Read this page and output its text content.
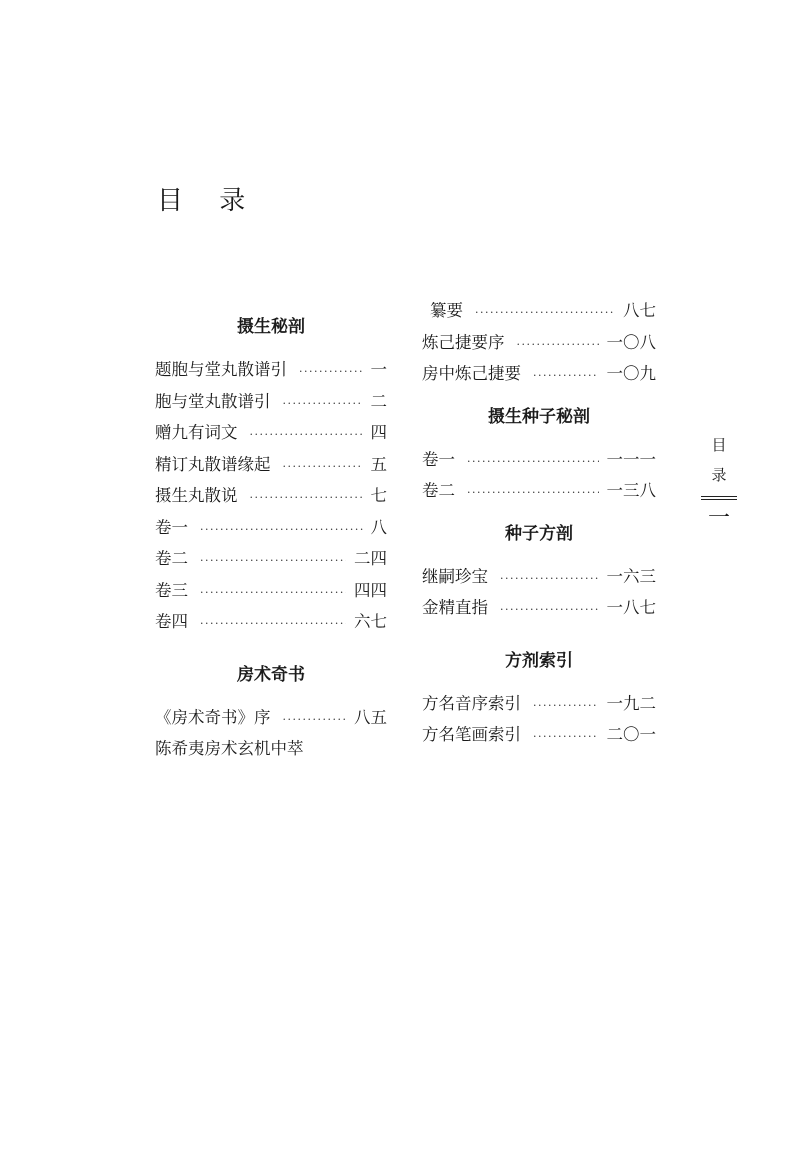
目 录
摄生秘剖
题胞与堂丸散谱引 ·····	一
胞与堂丸散谱引 ·····	二
赠九有词文 ·····	四
精订丸散谱缘起 ·····	五
摄生丸散说 ·····	七
卷一 ·····	八
卷二 ·····	二四
卷三 ·····	四四
卷四 ·····	六七
房术奇书
《房术奇书》序 ·····	八五
陈希夷房术玄机中萃
纂要 ·····	八七
炼己捷要序 ·····	一〇八
房中炼己捷要 ·····	一〇九
摄生种子秘剖
卷一 ·····	一一一
卷二 ·····	一三八
种子方剖
继嗣珍宝 ·····	一六三
金精直指 ·····	一八七
方剂索引
方名音序索引 ·····	一九二
方名笔画索引 ·····	二〇一
目
录
一
